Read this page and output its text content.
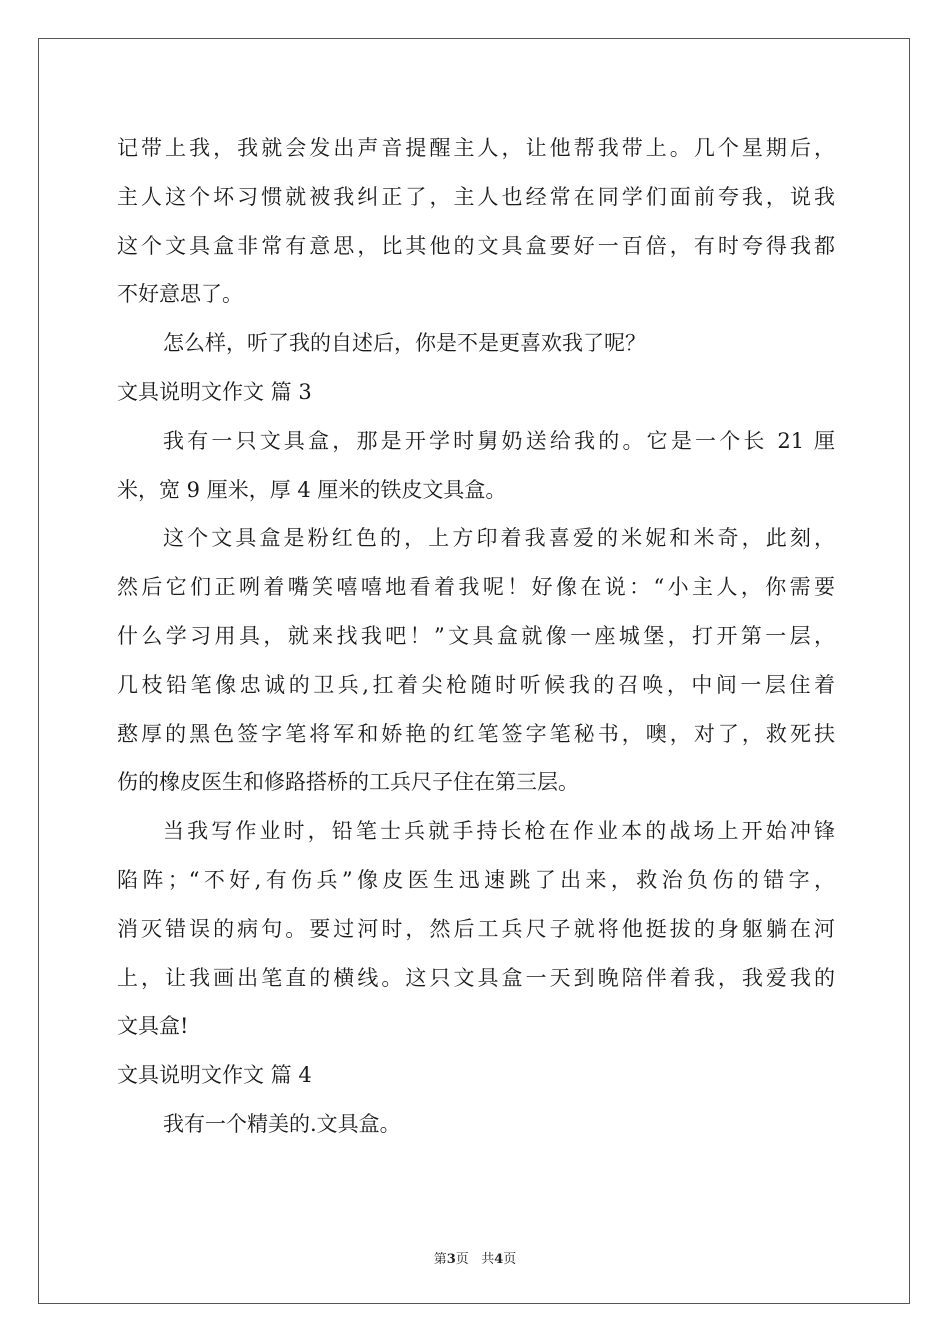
记带上我，我就会发出声音提醒主人，让他帮我带上。几个星期后，
主人这个坏习惯就被我纠正了，主人也经常在同学们面前夸我，说我
这个文具盒非常有意思，比其他的文具盒要好一百倍，有时夸得我都
不好意思了。
怎么样，听了我的自述后，你是不是更喜欢我了呢？
文具说明文作文 篇 3
我有一只文具盒，那是开学时舅奶送给我的。它是一个长 21 厘
米，宽 9 厘米，厚 4 厘米的铁皮文具盒。
这个文具盒是粉红色的，上方印着我喜爱的米妮和米奇，此刻，
然后它们正咧着嘴笑嘻嘻地看着我呢！好像在说：“小主人，你需要
什么学习用具，就来找我吧！”文具盒就像一座城堡，打开第一层，
几枝铅笔像忠诚的卫兵,扛着尖枪随时听候我的召唤，中间一层住着
憨厚的黑色签字笔将军和娇艳的红笔签字笔秘书，噢，对了，救死扶
伤的橡皮医生和修路搭桥的工兵尺子住在第三层。
当我写作业时，铅笔士兵就手持长枪在作业本的战场上开始冲锋
陷阵；“不好,有伤兵”像皮医生迅速跳了出来，救治负伤的错字，
消灭错误的病句。要过河时，然后工兵尺子就将他挺拔的身躯躺在河
上，让我画出笔直的横线。这只文具盒一天到晚陪伴着我，我爱我的
文具盒!
文具说明文作文 篇 4
我有一个精美的.文具盒。
第3页 共4页
